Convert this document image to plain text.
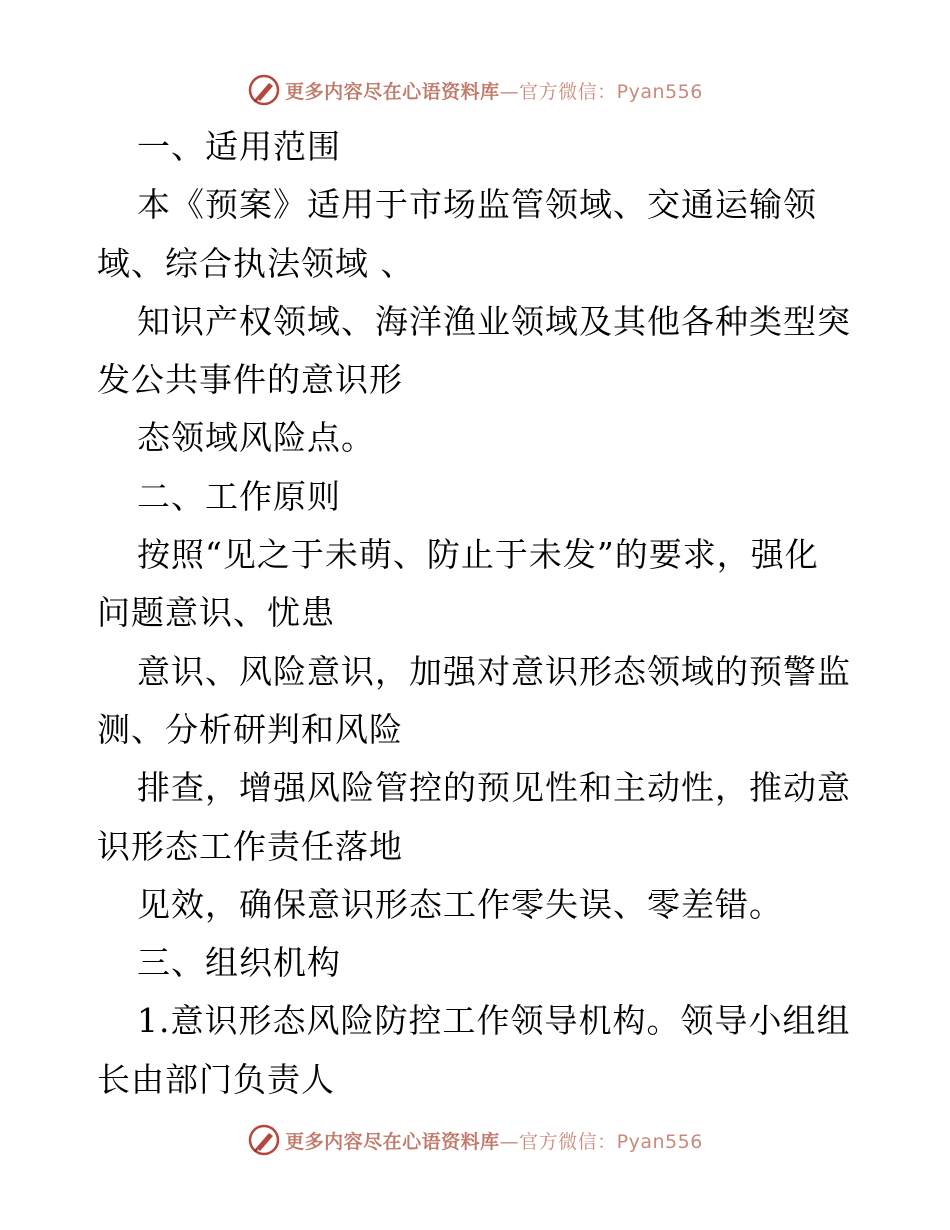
更多内容尽在心语资料库—官方微信：Pyan556
一、适用范围
本《预案》适用于市场监管领域、交通运输领
域、综合执法领域 、
知识产权领域、海洋渔业领域及其他各种类型突
发公共事件的意识形
态领域风险点。
二、工作原则
按照“见之于未萌、防止于未发”的要求，强化
问题意识、忧患
意识、风险意识，加强对意识形态领域的预警监
测、分析研判和风险
排查，增强风险管控的预见性和主动性，推动意
识形态工作责任落地
见效，确保意识形态工作零失误、零差错。
三、组织机构
1.意识形态风险防控工作领导机构。领导小组组
长由部门负责人
更多内容尽在心语资料库—官方微信：Pyan556
